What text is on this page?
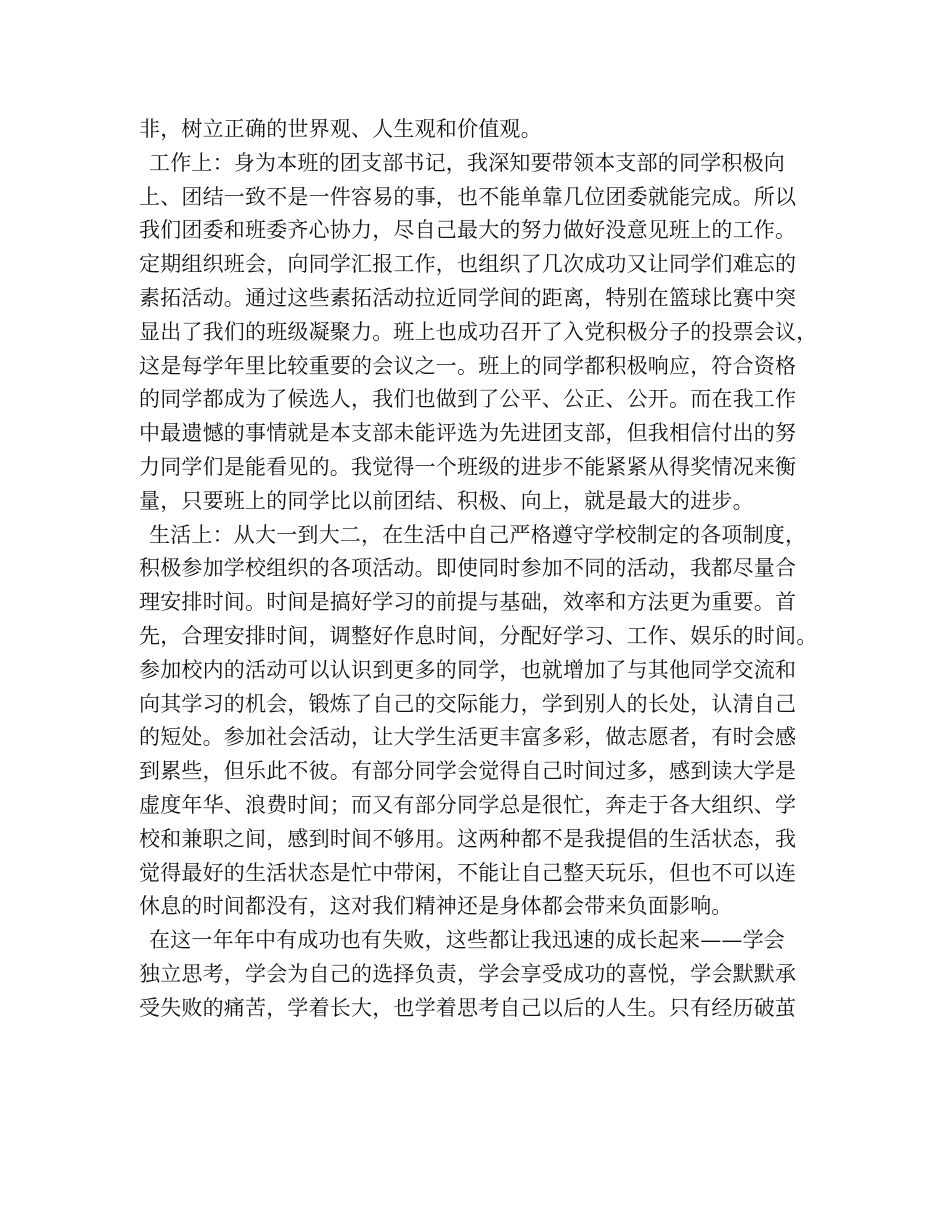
非，树立正确的世界观、人生观和价值观。
工作上：身为本班的团支部书记，我深知要带领本支部的同学积极向
上、团结一致不是一件容易的事，也不能单靠几位团委就能完成。所以
我们团委和班委齐心协力，尽自己最大的努力做好没意见班上的工作。
定期组织班会，向同学汇报工作，也组织了几次成功又让同学们难忘的
素拓活动。通过这些素拓活动拉近同学间的距离，特别在篮球比赛中突
显出了我们的班级凝聚力。班上也成功召开了入党积极分子的投票会议，
这是每学年里比较重要的会议之一。班上的同学都积极响应，符合资格
的同学都成为了候选人，我们也做到了公平、公正、公开。而在我工作
中最遗憾的事情就是本支部未能评选为先进团支部，但我相信付出的努
力同学们是能看见的。我觉得一个班级的进步不能紧紧从得奖情况来衡
量，只要班上的同学比以前团结、积极、向上，就是最大的进步。
生活上：从大一到大二，在生活中自己严格遵守学校制定的各项制度，
积极参加学校组织的各项活动。即使同时参加不同的活动，我都尽量合
理安排时间。时间是搞好学习的前提与基础，效率和方法更为重要。首
先，合理安排时间，调整好作息时间，分配好学习、工作、娱乐的时间。
参加校内的活动可以认识到更多的同学，也就增加了与其他同学交流和
向其学习的机会，锻炼了自己的交际能力，学到别人的长处，认清自己
的短处。参加社会活动，让大学生活更丰富多彩，做志愿者，有时会感
到累些，但乐此不彼。有部分同学会觉得自己时间过多，感到读大学是
虚度年华、浪费时间；而又有部分同学总是很忙，奔走于各大组织、学
校和兼职之间，感到时间不够用。这两种都不是我提倡的生活状态，我
觉得最好的生活状态是忙中带闲，不能让自己整天玩乐，但也不可以连
休息的时间都没有，这对我们精神还是身体都会带来负面影响。
在这一年年中有成功也有失败，这些都让我迅速的成长起来——学会
独立思考，学会为自己的选择负责，学会享受成功的喜悦，学会默默承
受失败的痛苦，学着长大，也学着思考自己以后的人生。只有经历破茧
